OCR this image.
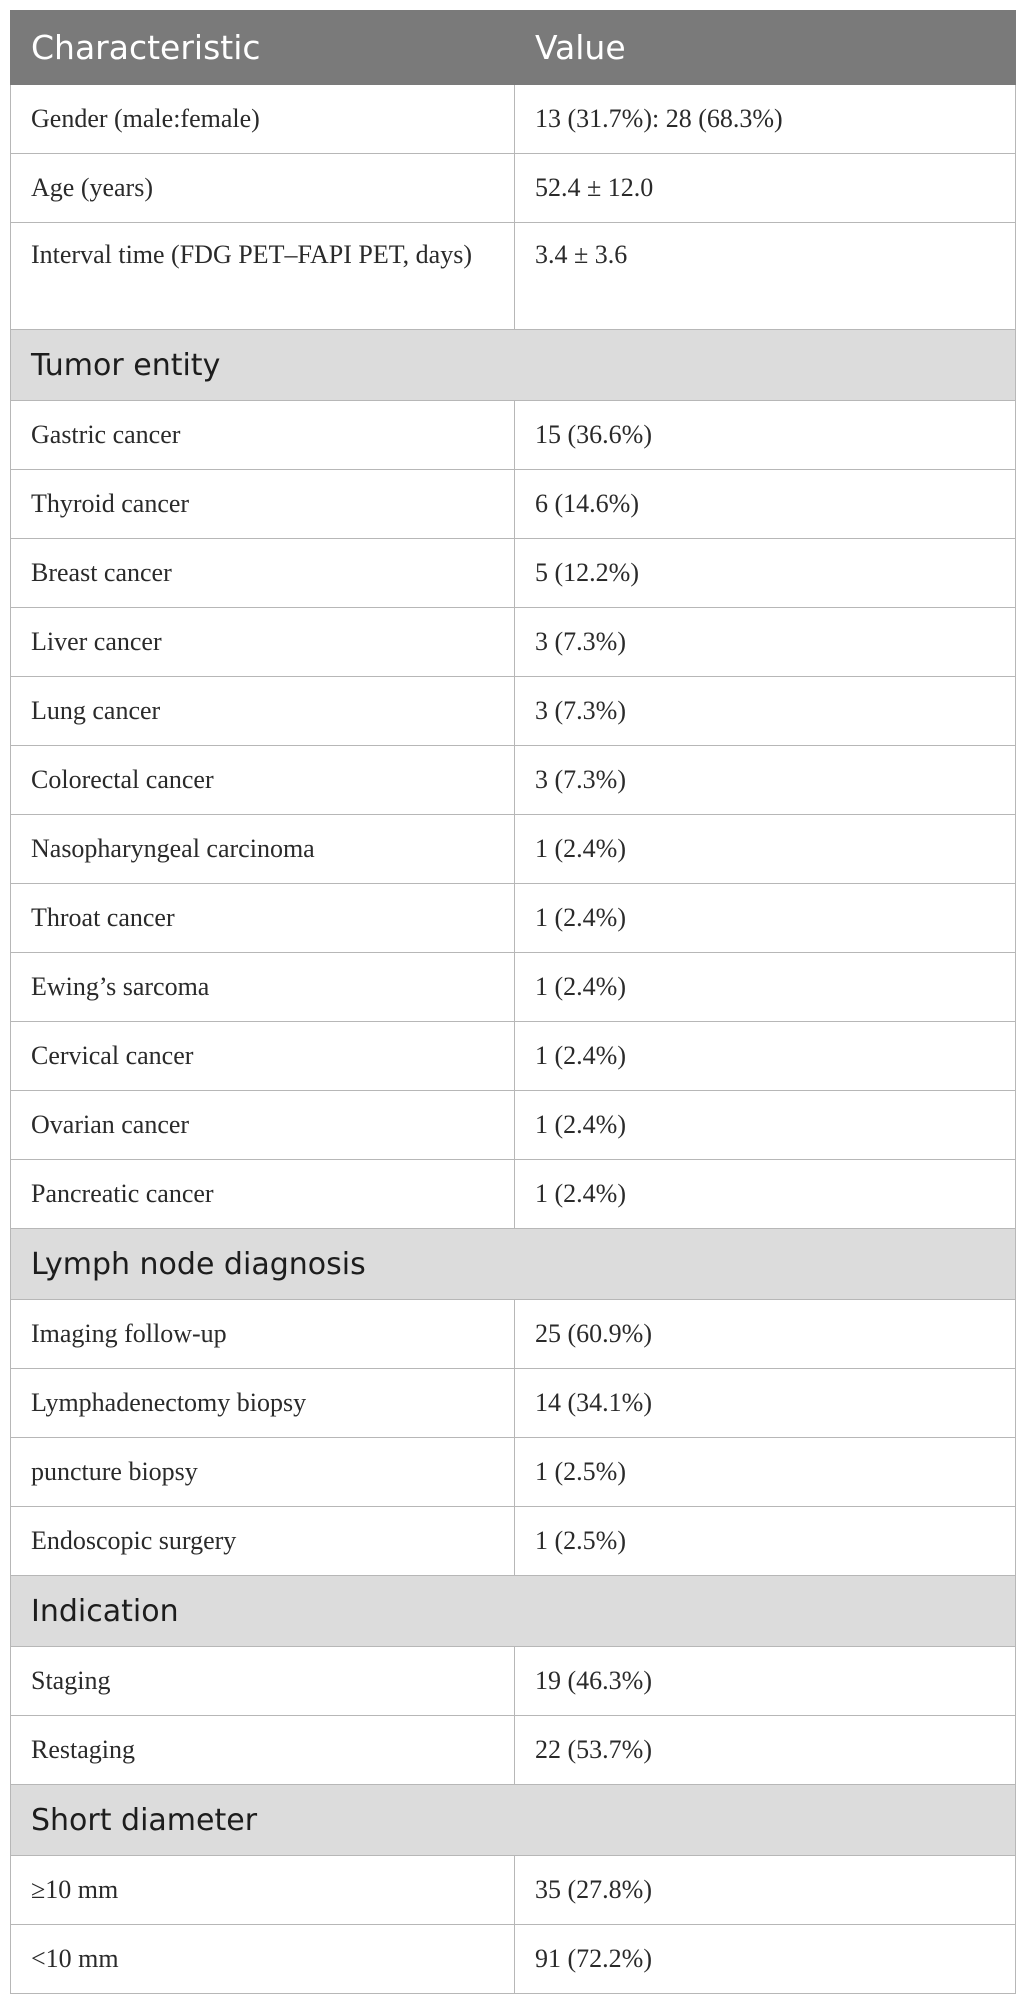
Characteristic	Value
Gender (male:female)	13 (31.7%): 28 (68.3%)
Age (years)	52.4 ± 12.0
Interval time (FDG PET–FAPI PET, days)	3.4 ± 3.6
Tumor entity	
Gastric cancer	15 (36.6%)
Thyroid cancer	6 (14.6%)
Breast cancer	5 (12.2%)
Liver cancer	3 (7.3%)
Lung cancer	3 (7.3%)
Colorectal cancer	3 (7.3%)
Nasopharyngeal carcinoma	1 (2.4%)
Throat cancer	1 (2.4%)
Ewing’s sarcoma	1 (2.4%)
Cervical cancer	1 (2.4%)
Ovarian cancer	1 (2.4%)
Pancreatic cancer	1 (2.4%)
Lymph node diagnosis	
Imaging follow-up	25 (60.9%)
Lymphadenectomy biopsy	14 (34.1%)
puncture biopsy	1 (2.5%)
Endoscopic surgery	1 (2.5%)
Indication	
Staging	19 (46.3%)
Restaging	22 (53.7%)
Short diameter	
≥10 mm	35 (27.8%)
<10 mm	91 (72.2%)
